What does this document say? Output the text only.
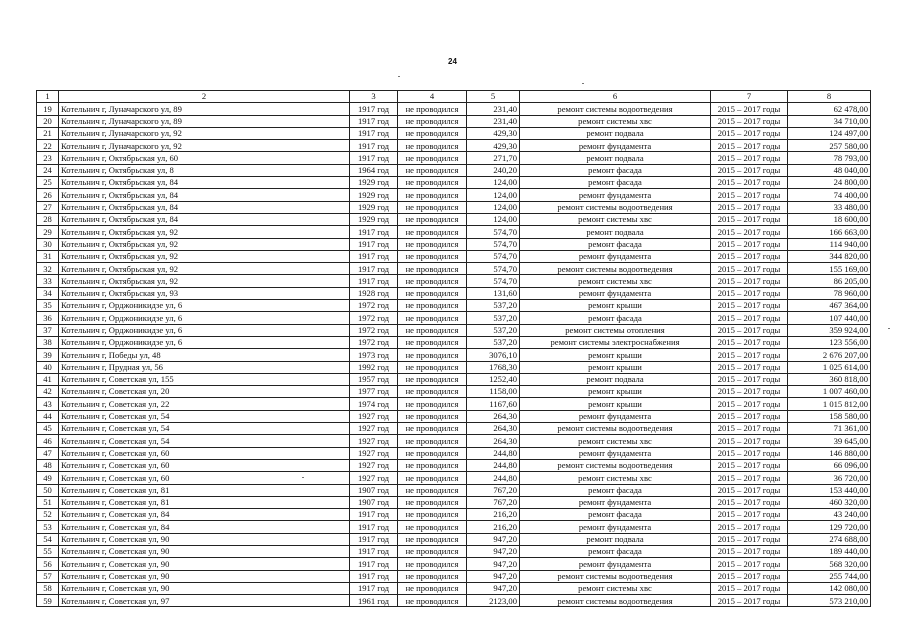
24
1	2	3	4	5	6	7	8
19	Котельнич г, Луначарского ул, 89	1917 год	не проводился	231,40	ремонт системы водоотведения	2015 – 2017 годы	62 478,00
20	Котельнич г, Луначарского ул, 89	1917 год	не проводился	231,40	ремонт системы хвс	2015 – 2017 годы	34 710,00
21	Котельнич г, Луначарского ул, 92	1917 год	не проводился	429,30	ремонт подвала	2015 – 2017 годы	124 497,00
22	Котельнич г, Луначарского ул, 92	1917 год	не проводился	429,30	ремонт фундамента	2015 – 2017 годы	257 580,00
23	Котельнич г, Октябрьская ул, 60	1917 год	не проводился	271,70	ремонт подвала	2015 – 2017 годы	78 793,00
24	Котельнич г, Октябрьская ул, 8	1964 год	не проводился	240,20	ремонт фасада	2015 – 2017 годы	48 040,00
25	Котельнич г, Октябрьская ул, 84	1929 год	не проводился	124,00	ремонт фасада	2015 – 2017 годы	24 800,00
26	Котельнич г, Октябрьская ул, 84	1929 год	не проводился	124,00	ремонт фундамента	2015 – 2017 годы	74 400,00
27	Котельнич г, Октябрьская ул, 84	1929 год	не проводился	124,00	ремонт системы водоотведения	2015 – 2017 годы	33 480,00
28	Котельнич г, Октябрьская ул, 84	1929 год	не проводился	124,00	ремонт системы хвс	2015 – 2017 годы	18 600,00
29	Котельнич г, Октябрьская ул, 92	1917 год	не проводился	574,70	ремонт подвала	2015 – 2017 годы	166 663,00
30	Котельнич г, Октябрьская ул, 92	1917 год	не проводился	574,70	ремонт фасада	2015 – 2017 годы	114 940,00
31	Котельнич г, Октябрьская ул, 92	1917 год	не проводился	574,70	ремонт фундамента	2015 – 2017 годы	344 820,00
32	Котельнич г, Октябрьская ул, 92	1917 год	не проводился	574,70	ремонт системы водоотведения	2015 – 2017 годы	155 169,00
33	Котельнич г, Октябрьская ул, 92	1917 год	не проводился	574,70	ремонт системы хвс	2015 – 2017 годы	86 205,00
34	Котельнич г, Октябрьская ул, 93	1928 год	не проводился	131,60	ремонт фундамента	2015 – 2017 годы	78 960,00
35	Котельнич г, Орджоникидзе ул, 6	1972 год	не проводился	537,20	ремонт крыши	2015 – 2017 годы	467 364,00
36	Котельнич г, Орджоникидзе ул, 6	1972 год	не проводился	537,20	ремонт фасада	2015 – 2017 годы	107 440,00
37	Котельнич г, Орджоникидзе ул, 6	1972 год	не проводился	537,20	ремонт системы отопления	2015 – 2017 годы	359 924,00
38	Котельнич г, Орджоникидзе ул, 6	1972 год	не проводился	537,20	ремонт системы электроснабжения	2015 – 2017 годы	123 556,00
39	Котельнич г, Победы ул, 48	1973 год	не проводился	3076,10	ремонт крыши	2015 – 2017 годы	2 676 207,00
40	Котельнич г, Прудная ул, 56	1992 год	не проводился	1768,30	ремонт крыши	2015 – 2017 годы	1 025 614,00
41	Котельнич г, Советская ул, 155	1957 год	не проводился	1252,40	ремонт подвала	2015 – 2017 годы	360 818,00
42	Котельнич г, Советская ул, 20	1977 год	не проводился	1158,00	ремонт крыши	2015 – 2017 годы	1 007 460,00
43	Котельнич г, Советская ул, 22	1974 год	не проводился	1167,60	ремонт крыши	2015 – 2017 годы	1 015 812,00
44	Котельнич г, Советская ул, 54	1927 год	не проводился	264,30	ремонт фундамента	2015 – 2017 годы	158 580,00
45	Котельнич г, Советская ул, 54	1927 год	не проводился	264,30	ремонт системы водоотведения	2015 – 2017 годы	71 361,00
46	Котельнич г, Советская ул, 54	1927 год	не проводился	264,30	ремонт системы хвс	2015 – 2017 годы	39 645,00
47	Котельнич г, Советская ул, 60	1927 год	не проводился	244,80	ремонт фундамента	2015 – 2017 годы	146 880,00
48	Котельнич г, Советская ул, 60	1927 год	не проводился	244,80	ремонт системы водоотведения	2015 – 2017 годы	66 096,00
49	Котельнич г, Советская ул, 60	1927 год	не проводился	244,80	ремонт системы хвс	2015 – 2017 годы	36 720,00
50	Котельнич г, Советская ул, 81	1907 год	не проводился	767,20	ремонт фасада	2015 – 2017 годы	153 440,00
51	Котельнич г, Советская ул, 81	1907 год	не проводился	767,20	ремонт фундамента	2015 – 2017 годы	460 320,00
52	Котельнич г, Советская ул, 84	1917 год	не проводился	216,20	ремонт фасада	2015 – 2017 годы	43 240,00
53	Котельнич г, Советская ул, 84	1917 год	не проводился	216,20	ремонт фундамента	2015 – 2017 годы	129 720,00
54	Котельнич г, Советская ул, 90	1917 год	не проводился	947,20	ремонт подвала	2015 – 2017 годы	274 688,00
55	Котельнич г, Советская ул, 90	1917 год	не проводился	947,20	ремонт фасада	2015 – 2017 годы	189 440,00
56	Котельнич г, Советская ул, 90	1917 год	не проводился	947,20	ремонт фундамента	2015 – 2017 годы	568 320,00
57	Котельнич г, Советская ул, 90	1917 год	не проводился	947,20	ремонт системы водоотведения	2015 – 2017 годы	255 744,00
58	Котельнич г, Советская ул, 90	1917 год	не проводился	947,20	ремонт системы хвс	2015 – 2017 годы	142 080,00
59	Котельнич г, Советская ул, 97	1961 год	не проводился	2123,00	ремонт системы водоотведения	2015 – 2017 годы	573 210,00
